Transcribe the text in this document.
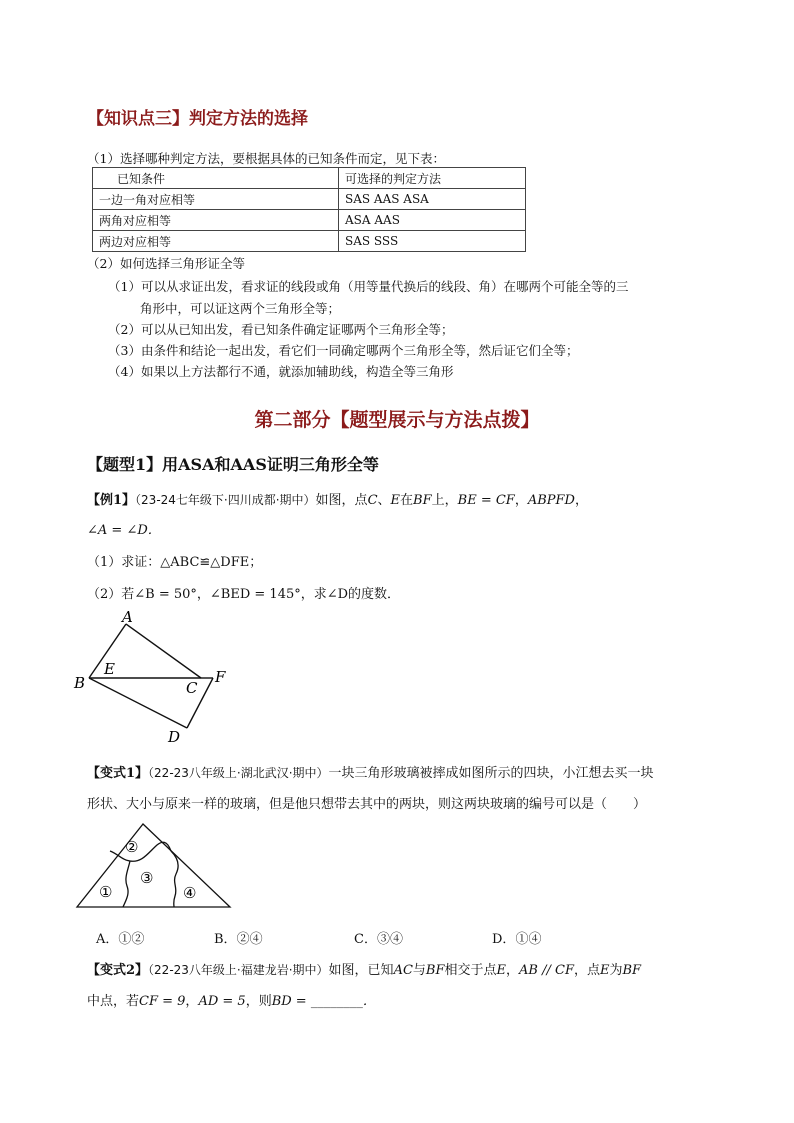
【知识点三】判定方法的选择
（1）选择哪种判定方法，要根据具体的已知条件而定，见下表：
已知条件	可选择的判定方法
一边一角对应相等	SAS AAS ASA
两角对应相等	ASA AAS
两边对应相等	SAS SSS
（2）如何选择三角形证全等
（1）可以从求证出发，看求证的线段或角（用等量代换后的线段、角）在哪两个可能全等的三
角形中，可以证这两个三角形全等；
（2）可以从已知出发，看已知条件确定证哪两个三角形全等；
（3）由条件和结论一起出发，看它们一同确定哪两个三角形全等，然后证它们全等；
（4）如果以上方法都行不通，就添加辅助线，构造全等三角形
第二部分【题型展示与方法点拨】
【题型1】用ASA和AAS证明三角形全等
【例1】（23-24七年级下·四川成都·期中）如图，点C、E在BF上，BE = CF，ABPFD，
∠A = ∠D．
（1）求证：△ABC≌△DFE；
（2）若∠B = 50°，∠BED = 145°，求∠D的度数．
A
B
E
C
F
D
【变式1】（22-23八年级上·湖北武汉·期中）一块三角形玻璃被摔成如图所示的四块，小江想去买一块
形状、大小与原来一样的玻璃，但是他只想带去其中的两块，则这两块玻璃的编号可以是（　　）
②
①
③
④
A．①②	B．②④	C．③④	D．①④
【变式2】（22-23八年级上·福建龙岩·期中）如图，已知AC与BF相交于点E，AB // CF，点E为BF
中点，若CF = 9，AD = 5，则BD = ________．
